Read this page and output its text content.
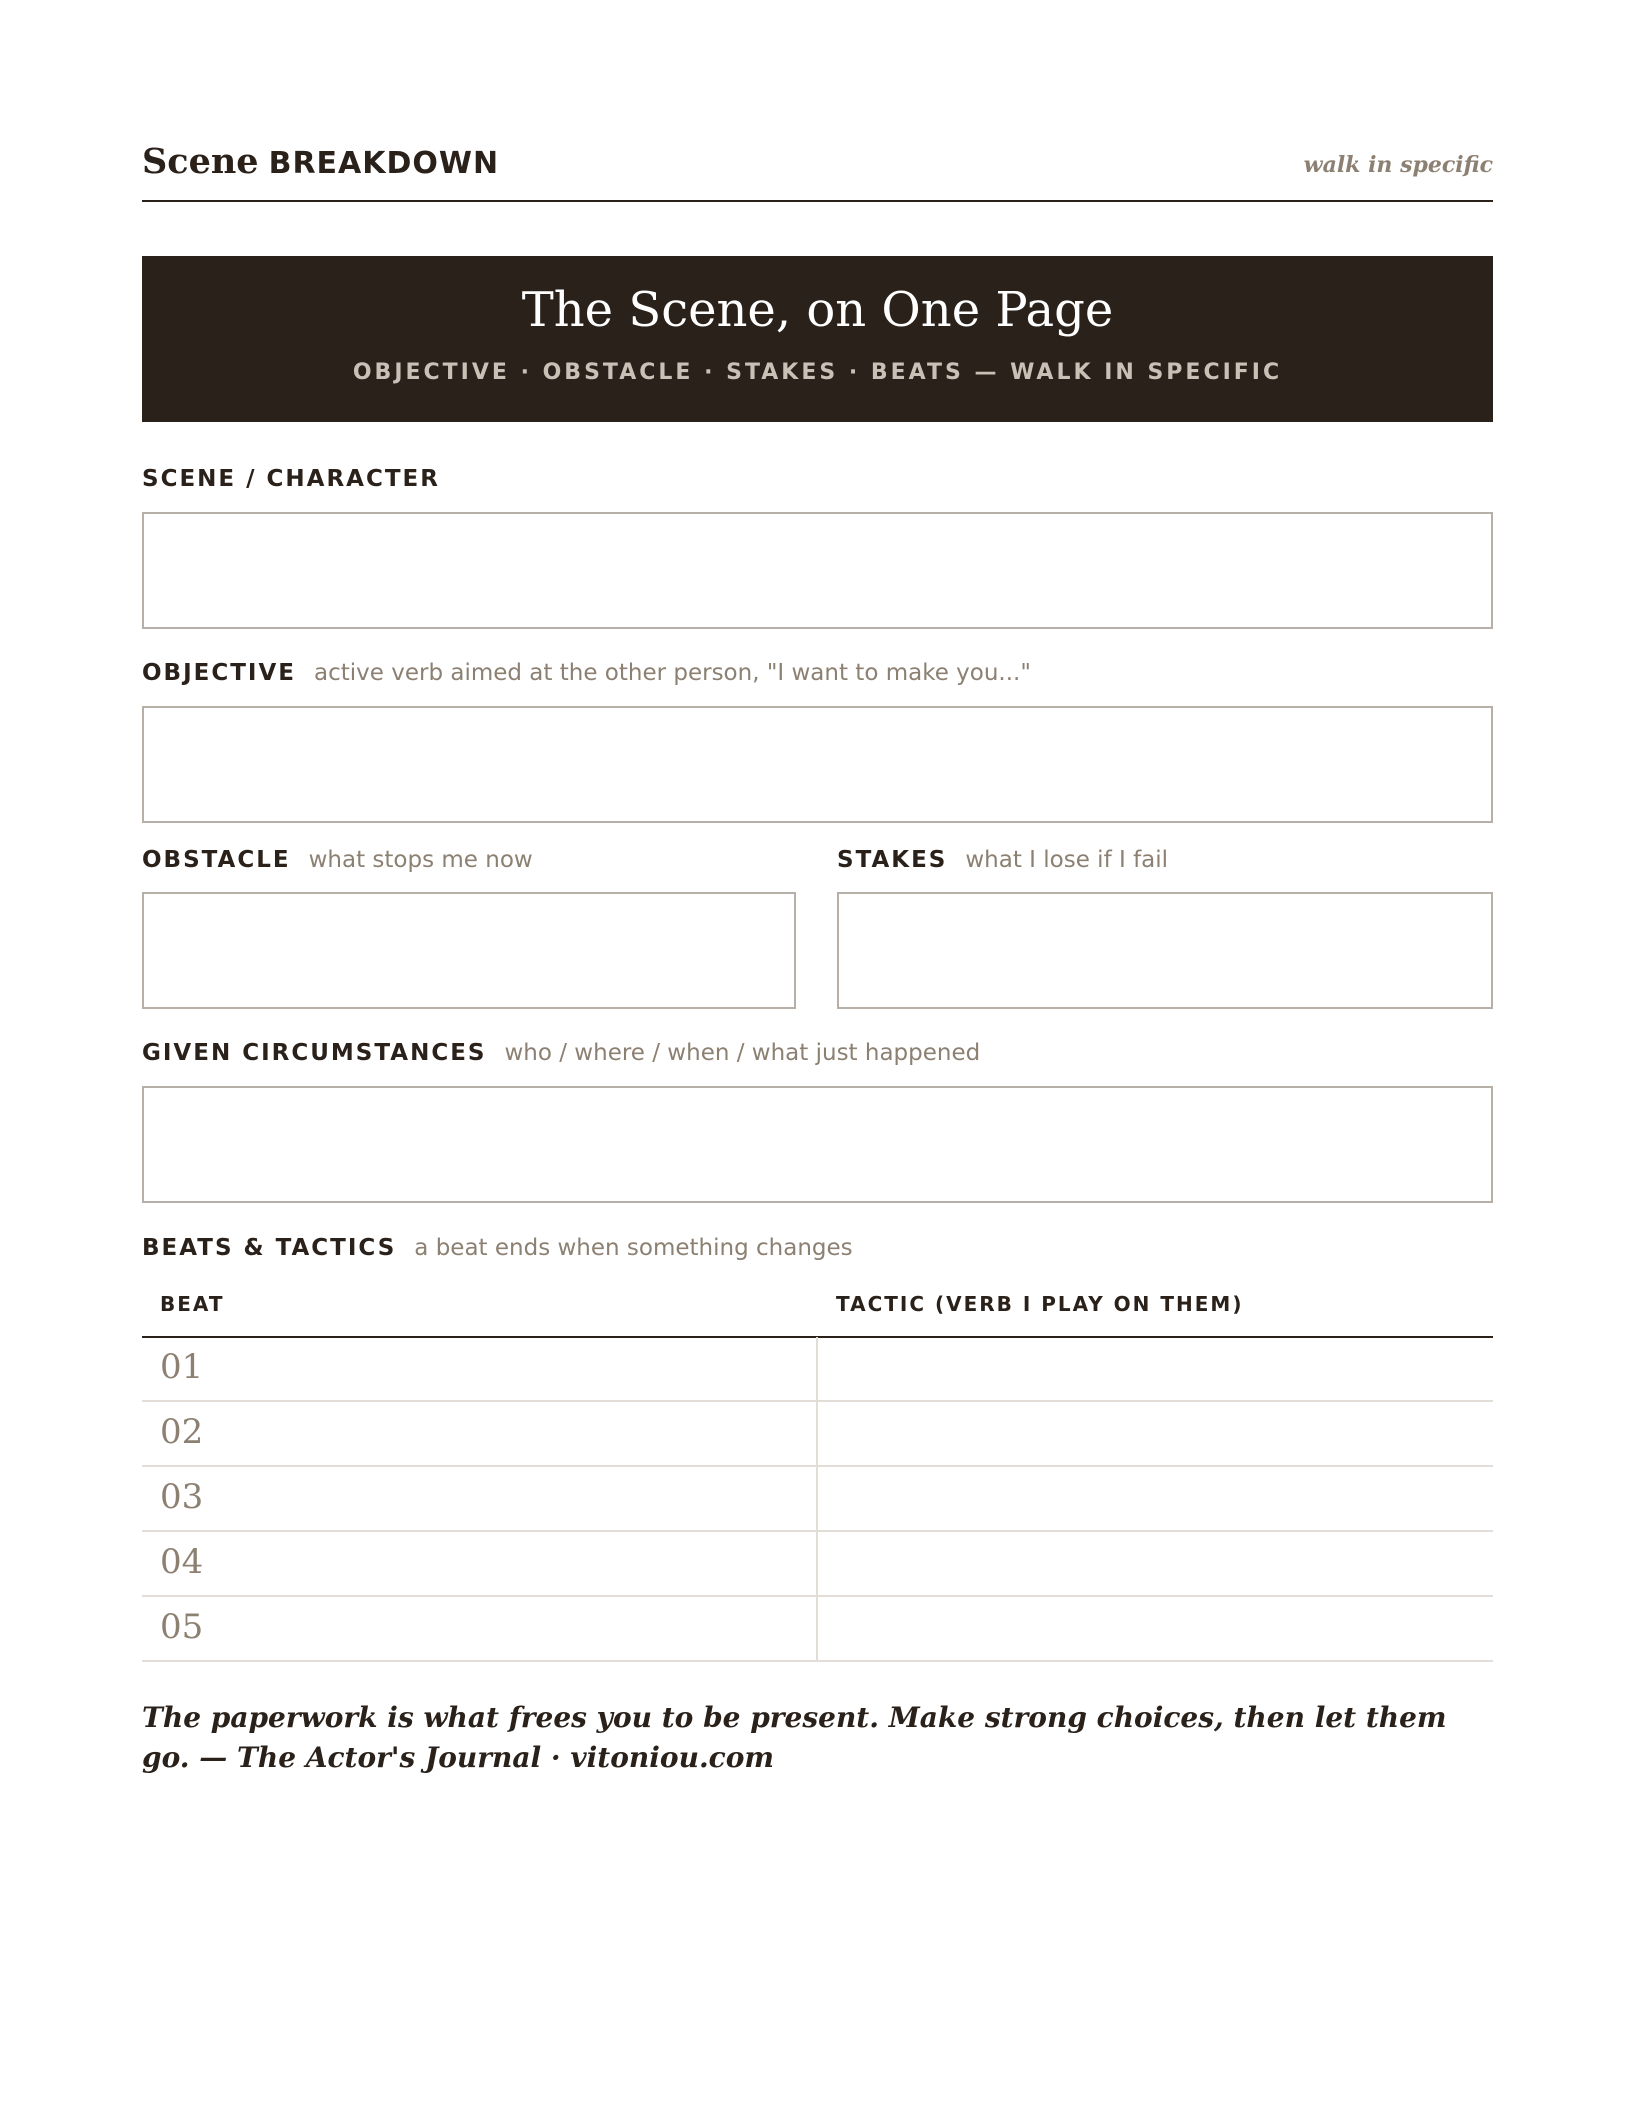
Scene BREAKDOWN	walk in specific
The Scene, on One Page
OBJECTIVE · OBSTACLE · STAKES · BEATS — WALK IN SPECIFIC
SCENE / CHARACTER
OBJECTIVE active verb aimed at the other person, "I want to make you..."
OBSTACLE what stops me now	STAKES what I lose if I fail
GIVEN CIRCUMSTANCES who / where / when / what just happened
BEATS & TACTICS a beat ends when something changes
BEAT	TACTIC (VERB I PLAY ON THEM)
01
02
03
04
05
The paperwork is what frees you to be present. Make strong choices, then let them go. — The Actor's Journal · vitoniou.com
